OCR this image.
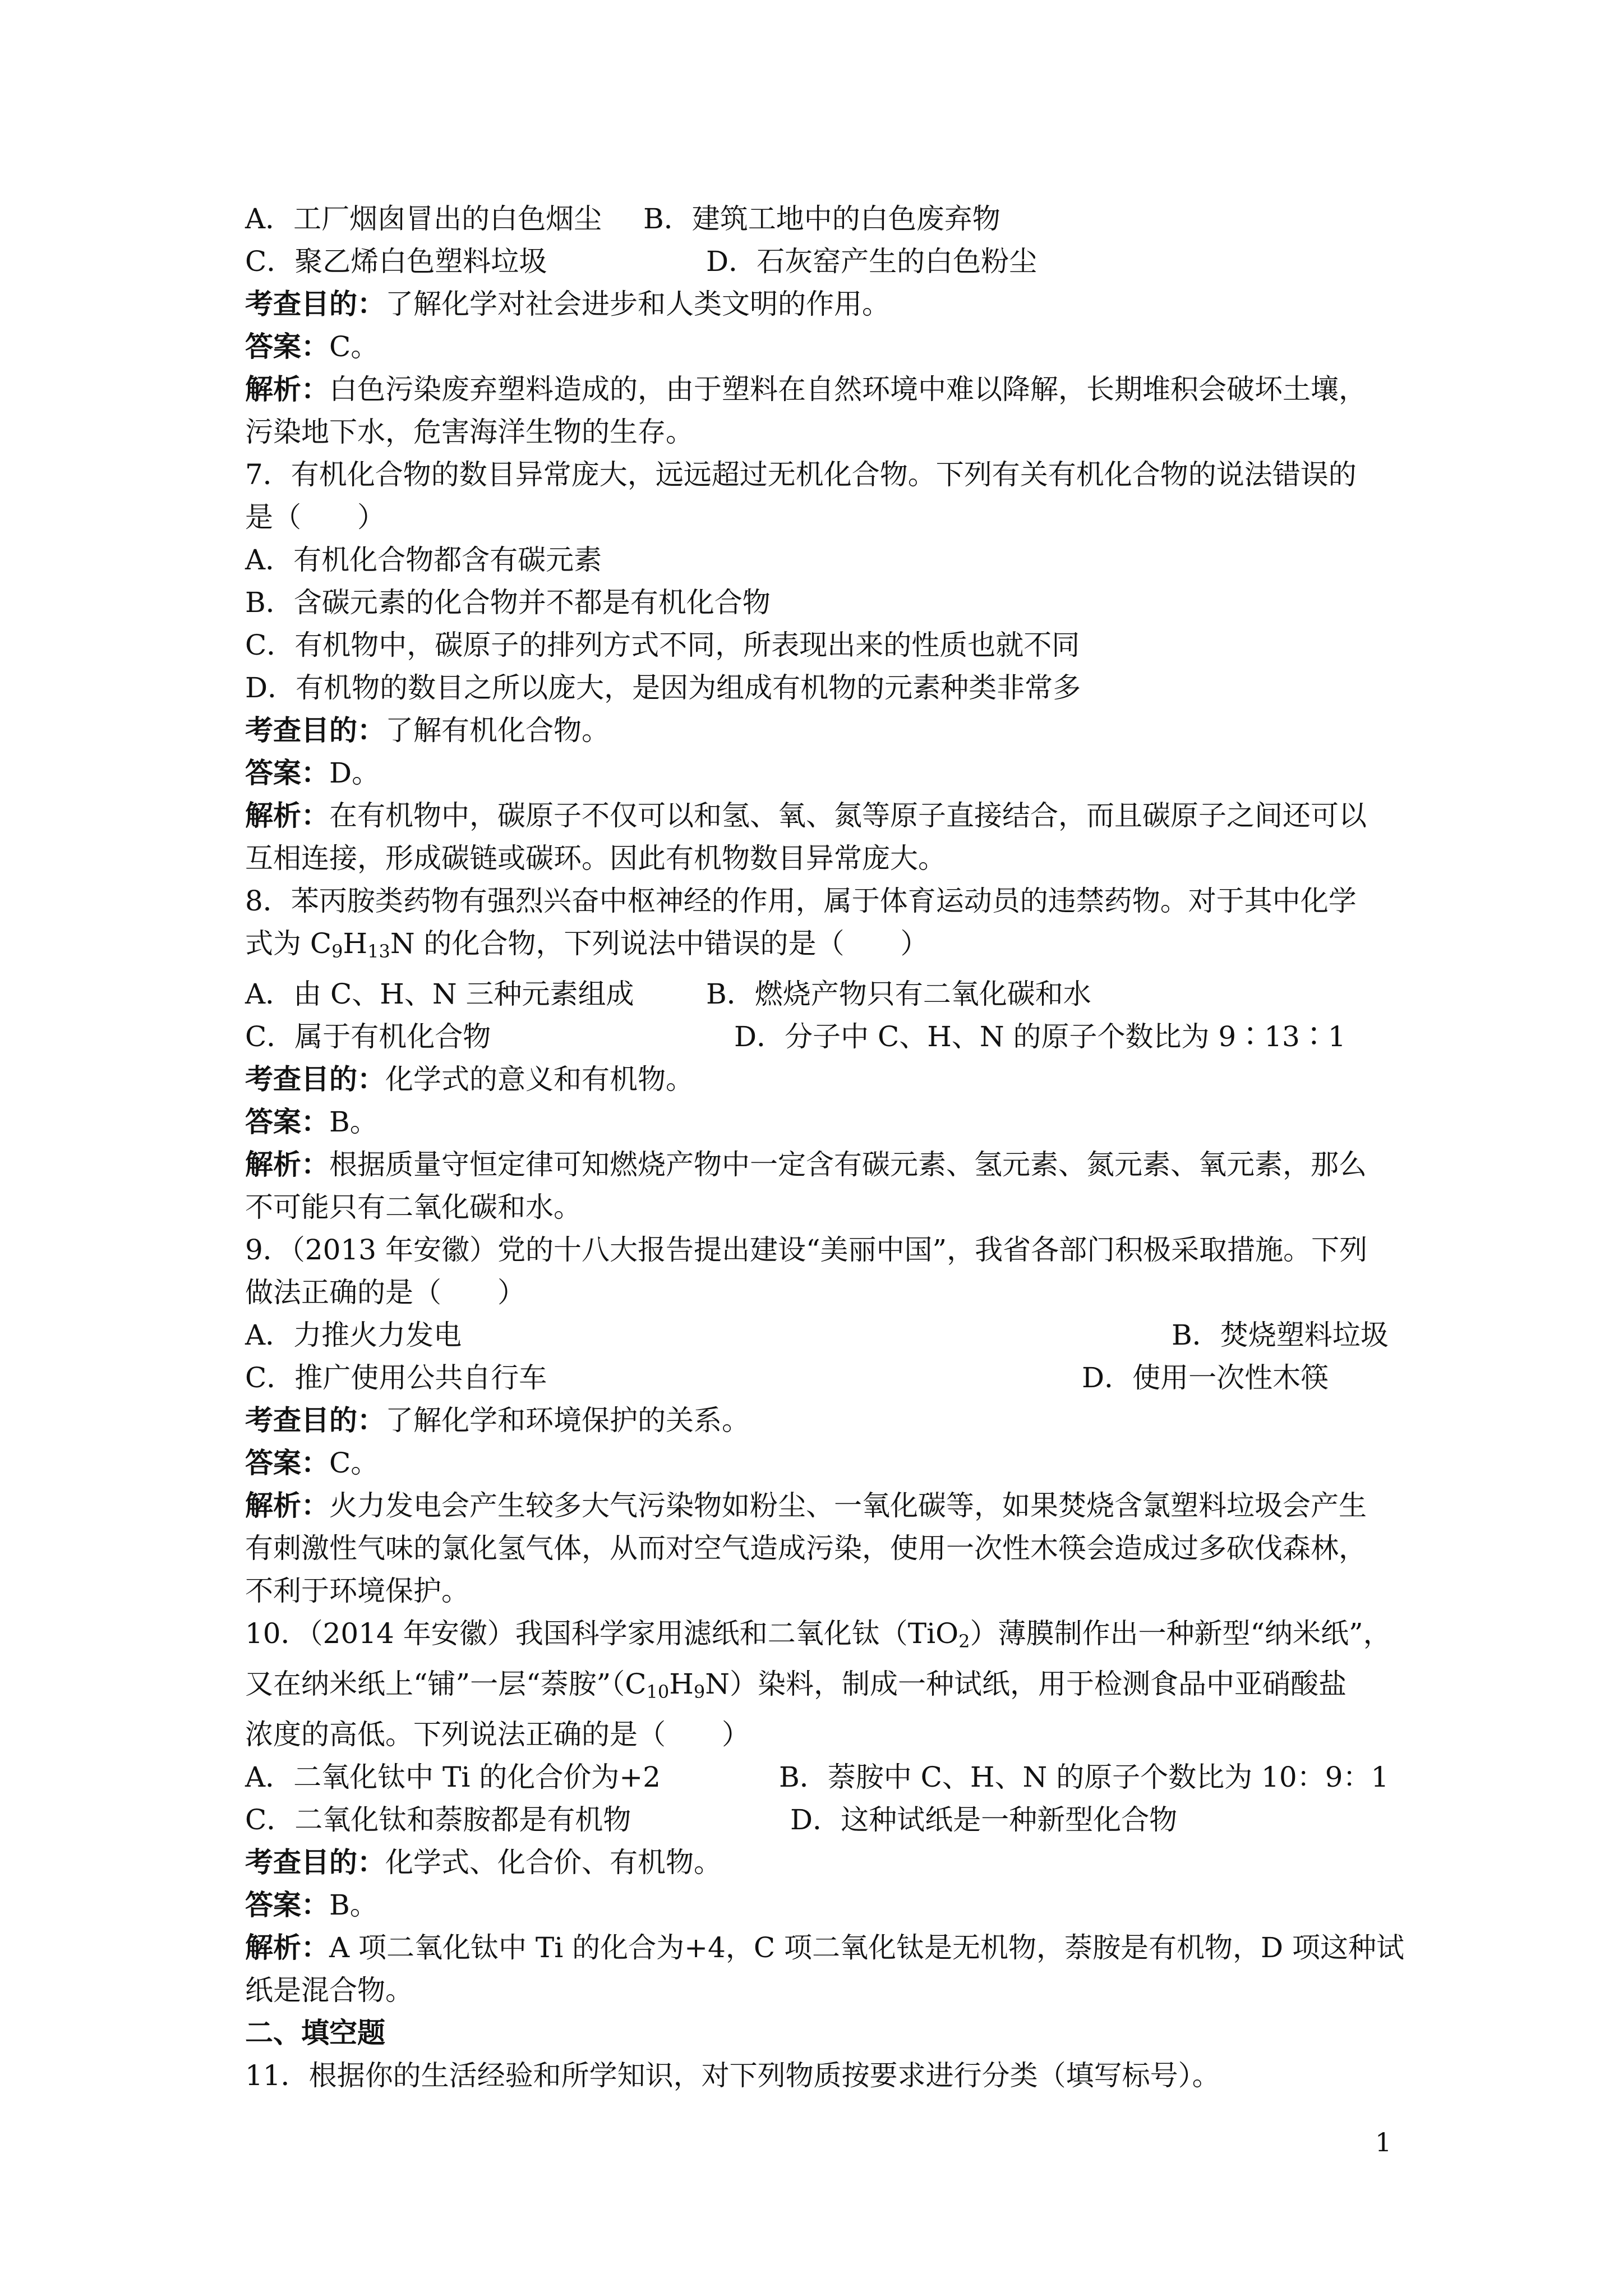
A．工厂烟囱冒出的白色烟尘	B．建筑工地中的白色废弃物
C．聚乙烯白色塑料垃圾	D．石灰窑产生的白色粉尘
考查目的：了解化学对社会进步和人类文明的作用。
答案：C。
解析：白色污染废弃塑料造成的，由于塑料在自然环境中难以降解，长期堆积会破坏土壤，
污染地下水，危害海洋生物的生存。
7．有机化合物的数目异常庞大，远远超过无机化合物。下列有关有机化合物的说法错误的
是（　　）
A．有机化合物都含有碳元素
B．含碳元素的化合物并不都是有机化合物
C．有机物中，碳原子的排列方式不同，所表现出来的性质也就不同
D．有机物的数目之所以庞大，是因为组成有机物的元素种类非常多
考查目的：了解有机化合物。
答案：D。
解析：在有机物中，碳原子不仅可以和氢、氧、氮等原子直接结合，而且碳原子之间还可以
互相连接，形成碳链或碳环。因此有机物数目异常庞大。
8．苯丙胺类药物有强烈兴奋中枢神经的作用，属于体育运动员的违禁药物。对于其中化学
式为 $C_9H_{13}N$ 的化合物，下列说法中错误的是（　　）
A．由 C、H、N 三种元素组成	B．燃烧产物只有二氧化碳和水
C．属于有机化合物	D．分子中 C、H、N 的原子个数比为 9∶13∶1
考查目的：化学式的意义和有机物。
答案：B。
解析：根据质量守恒定律可知燃烧产物中一定含有碳元素、氢元素、氮元素、氧元素，那么
不可能只有二氧化碳和水。
9．（2013 年安徽）党的十八大报告提出建设“美丽中国”，我省各部门积极采取措施。下列
做法正确的是（　　）
A．力推火力发电	B．焚烧塑料垃圾
C．推广使用公共自行车	D．使用一次性木筷
考查目的：了解化学和环境保护的关系。
答案：C。
解析：火力发电会产生较多大气污染物如粉尘、一氧化碳等，如果焚烧含氯塑料垃圾会产生
有刺激性气味的氯化氢气体，从而对空气造成污染，使用一次性木筷会造成过多砍伐森林，
不利于环境保护。
10．（2014 年安徽）我国科学家用滤纸和二氧化钛（TiO$_2$）薄膜制作出一种新型“纳米纸”，
又在纳米纸上“铺”一层“萘胺$”(C_{10}H_9N)$染料，制成一种试纸，用于检测食品中亚硝酸盐
浓度的高低。下列说法正确的是（　　）
A．二氧化钛中 Ti 的化合价为+2	B．萘胺中 C、H、N 的原子个数比为 10：9：1
C．二氧化钛和萘胺都是有机物	D．这种试纸是一种新型化合物
考查目的：化学式、化合价、有机物。
答案：B。
解析：A 项二氧化钛中 Ti 的化合为+4，C 项二氧化钛是无机物，萘胺是有机物，D 项这种试
纸是混合物。
二、填空题
11．根据你的生活经验和所学知识，对下列物质按要求进行分类（填写标号）。
1
